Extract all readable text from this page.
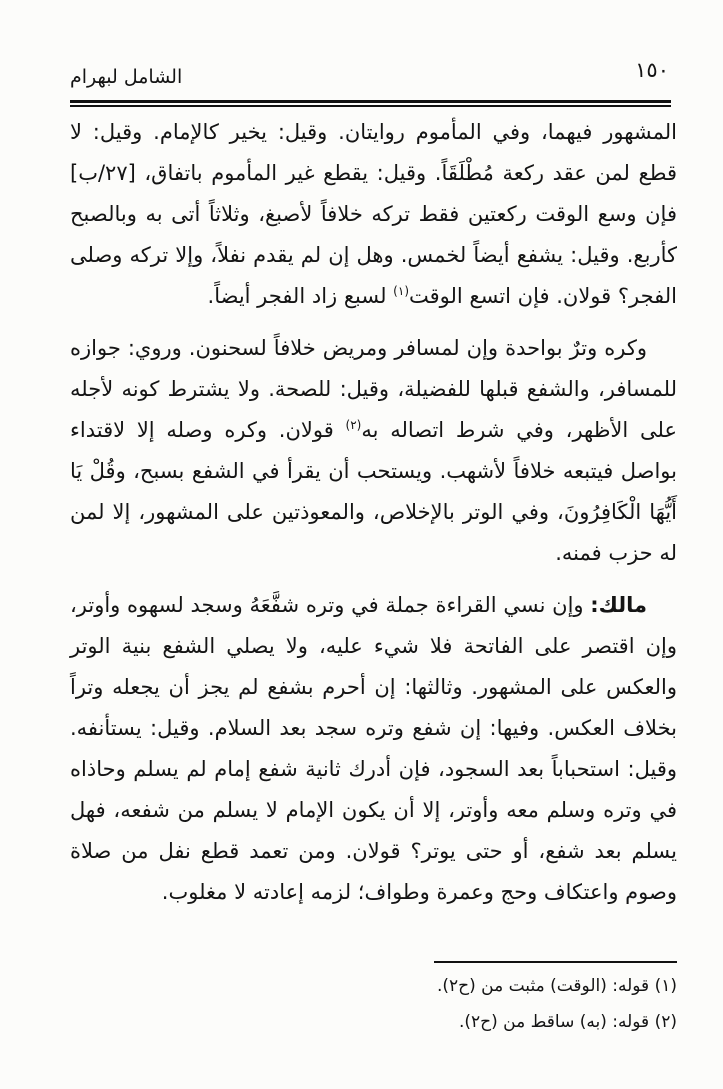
الشامل لبهرام	١٥٠

المشهور فيهما، وفي المأموم روايتان. وقيل: يخير كالإمام. وقيل: لا قطع لمن عقد ركعة مُطْلَقَاً. وقيل: يقطع غير المأموم باتفاق، [٢٧/ب] فإن وسع الوقت ركعتين فقط تركه خلافاً لأصبغ، وثلاثاً أتى به وبالصبح كأربع. وقيل: يشفع أيضاً لخمس. وهل إن لم يقدم نفلاً، وإلا تركه وصلى الفجر؟ قولان. فإن اتسع الوقت$^{(١)}$ لسبع زاد الفجر أيضاً.

وكره وترٌ بواحدة وإن لمسافر ومريض خلافاً لسحنون. وروي: جوازه للمسافر، والشفع قبلها للفضيلة، وقيل: للصحة. ولا يشترط كونه لأجله على الأظهر، وفي شرط اتصاله به$^{(٢)}$ قولان. وكره وصله إلا لاقتداء بواصل فيتبعه خلافاً لأشهب. ويستحب أن يقرأ في الشفع بسبح، وقُلْ يَا أَيُّهَا الْكَافِرُونَ، وفي الوتر بالإخلاص، والمعوذتين على المشهور، إلا لمن له حزب فمنه.

مالك: وإن نسي القراءة جملة في وتره شفَّعَهُ وسجد لسهوه وأوتر، وإن اقتصر على الفاتحة فلا شيء عليه، ولا يصلي الشفع بنية الوتر والعكس على المشهور. وثالثها: إن أحرم بشفع لم يجز أن يجعله وتراً بخلاف العكس. وفيها: إن شفع وتره سجد بعد السلام. وقيل: يستأنفه. وقيل: استحباباً بعد السجود، فإن أدرك ثانية شفع إمام لم يسلم وحاذاه في وتره وسلم معه وأوتر، إلا أن يكون الإمام لا يسلم من شفعه، فهل يسلم بعد شفع، أو حتى يوتر؟ قولان. ومن تعمد قطع نفل من صلاة وصوم واعتكاف وحج وعمرة وطواف؛ لزمه إعادته لا مغلوب.

(١) قوله: (الوقت) مثبت من (ح٢).
(٢) قوله: (به) ساقط من (ح٢).
